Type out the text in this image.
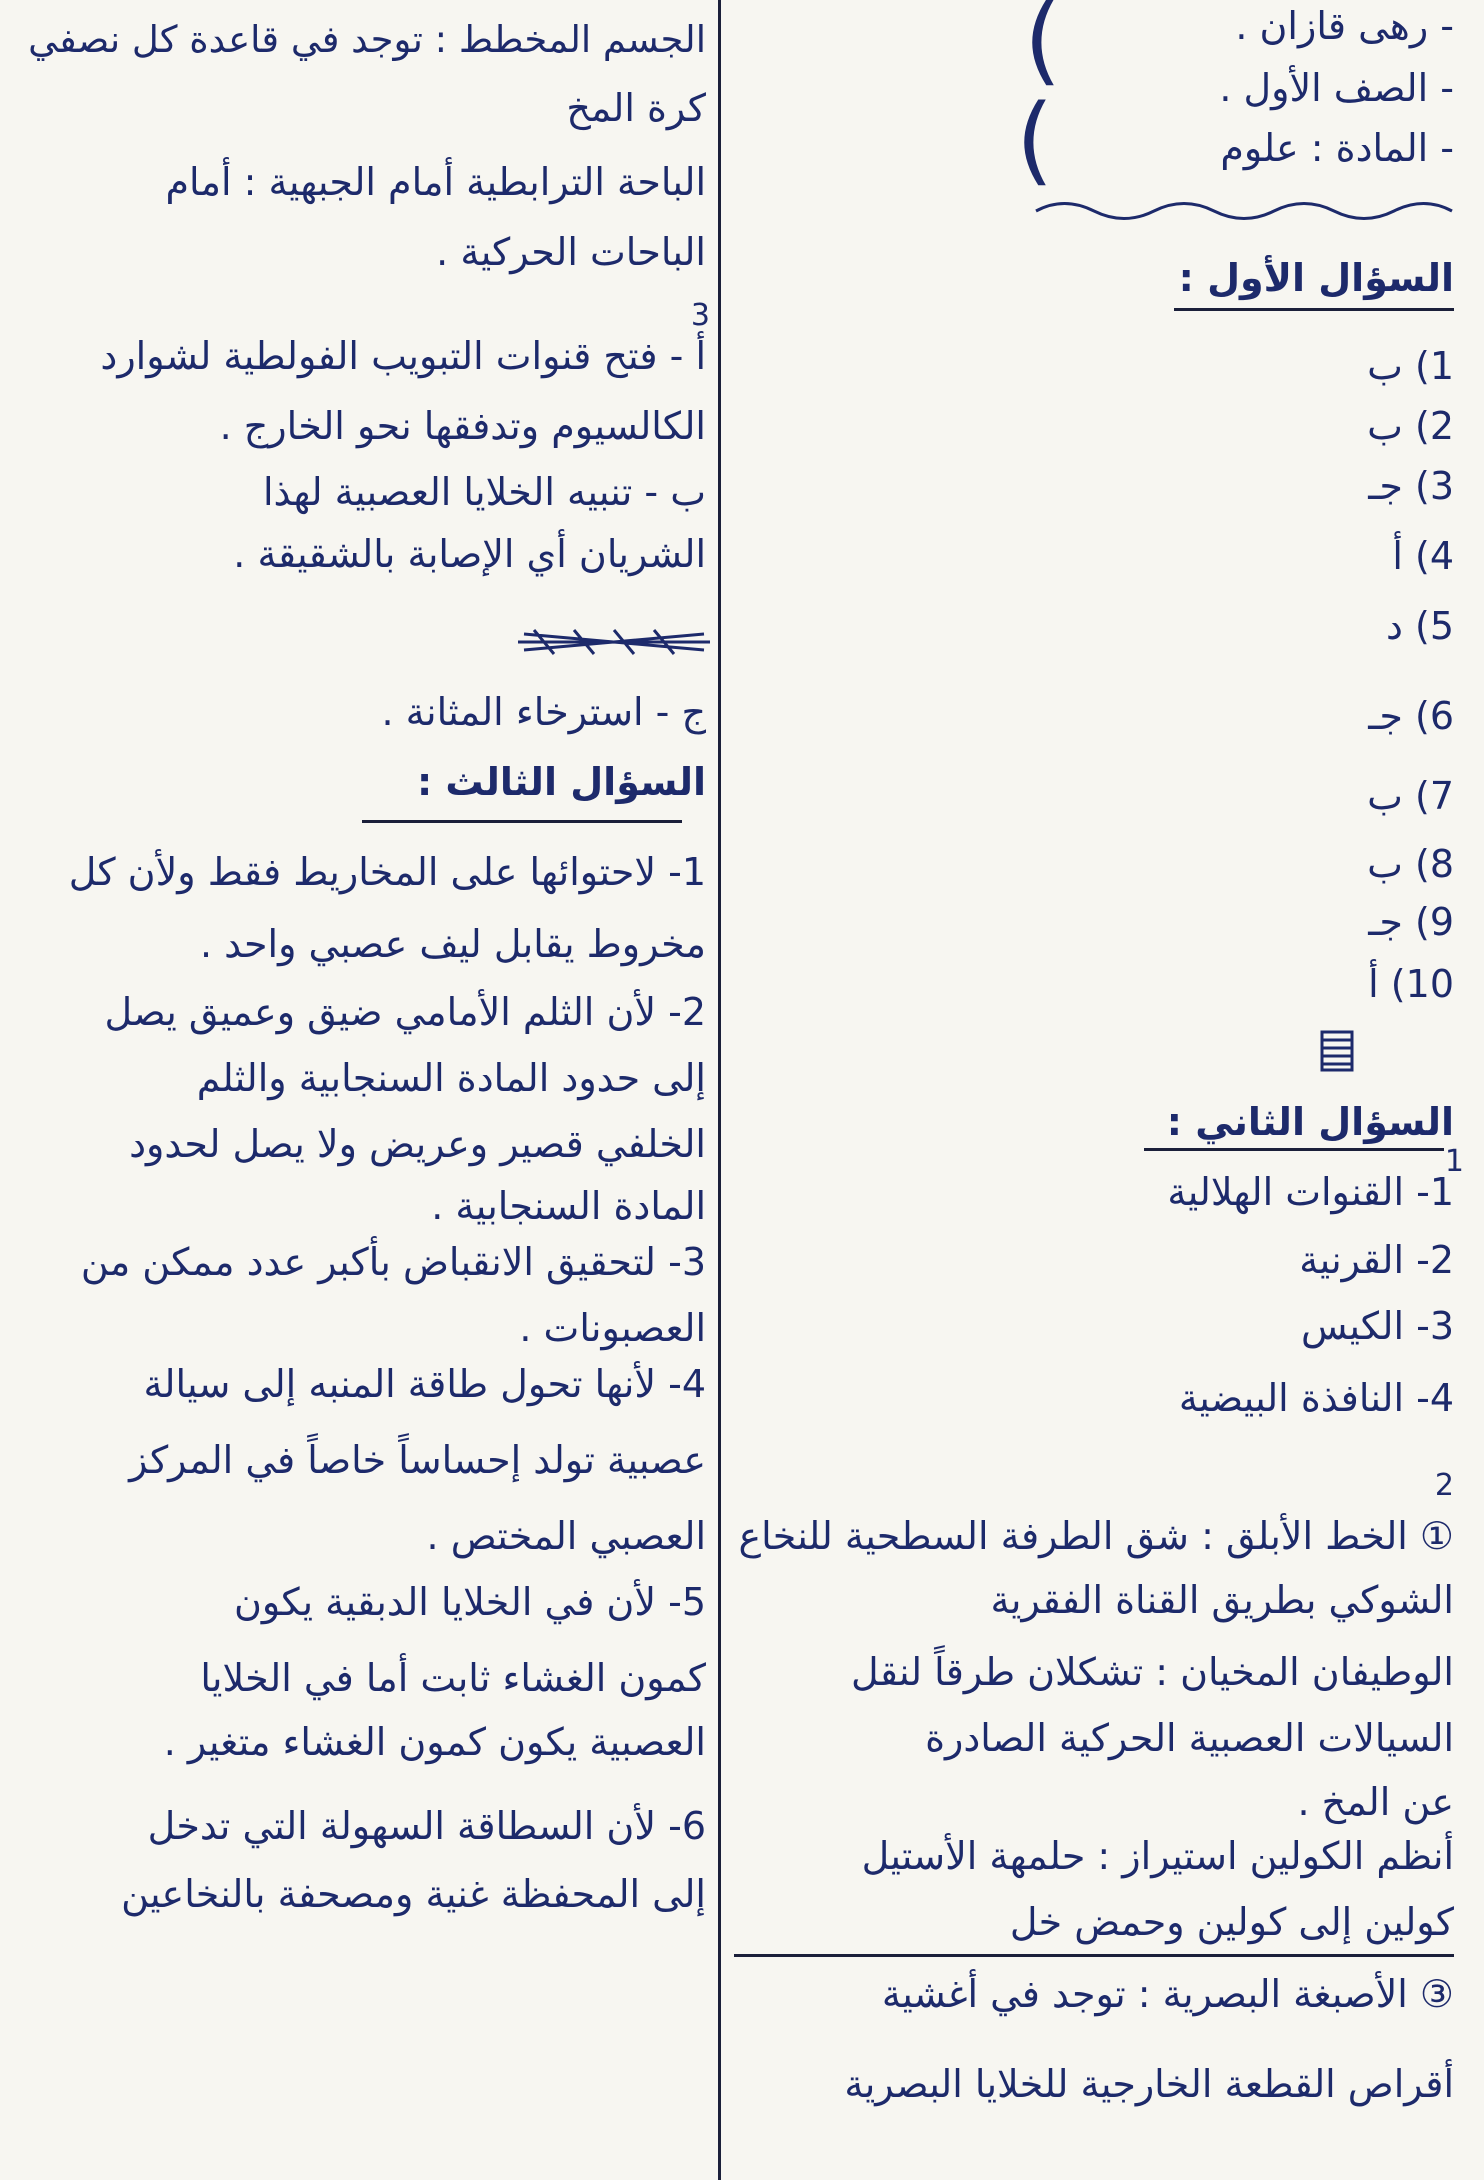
- رهى قازان .
- الصف الأول .
- المادة : علوم
)
)
السؤال الأول :
1) ب
2) ب
3) جـ
4) أ
5) د
6) جـ
7) ب
8) ب
9) جـ
10) أ
السؤال الثاني :
1
1- القنوات الهلالية
2- القرنية
3- الكيس
4- النافذة البيضية
2
① الخط الأبلق : شق الطرفة السطحية للنخاع
الشوكي بطريق القناة الفقرية
الوطيفان المخيان : تشكلان طرقاً لنقل
السيالات العصبية الحركية الصادرة
عن المخ .
أنظم الكولين استيراز : حلمهة الأستيل
كولين إلى كولين وحمض خل
③ الأصبغة البصرية : توجد في أغشية
أقراص القطعة الخارجية للخلايا البصرية
الجسم المخطط : توجد في قاعدة كل نصفي
كرة المخ
الباحة الترابطية أمام الجبهية : أمام
الباحات الحركية .
3
أ - فتح قنوات التبويب الفولطية لشوارد
الكالسيوم وتدفقها نحو الخارج .
ب - تنبيه الخلايا العصبية لهذا
الشريان أي الإصابة بالشقيقة .
ج - استرخاء المثانة .
السؤال الثالث :
1- لاحتوائها على المخاريط فقط ولأن كل
مخروط يقابل ليف عصبي واحد .
2- لأن الثلم الأمامي ضيق وعميق يصل
إلى حدود المادة السنجابية والثلم
الخلفي قصير وعريض ولا يصل لحدود
المادة السنجابية .
3- لتحقيق الانقباض بأكبر عدد ممكن من
العصبونات .
4- لأنها تحول طاقة المنبه إلى سيالة
عصبية تولد إحساساً خاصاً في المركز
العصبي المختص .
5- لأن في الخلايا الدبقية يكون
كمون الغشاء ثابت أما في الخلايا
العصبية يكون كمون الغشاء متغير .
6- لأن السطاقة السهولة التي تدخل
إلى المحفظة غنية ومصحفة بالنخاعين
